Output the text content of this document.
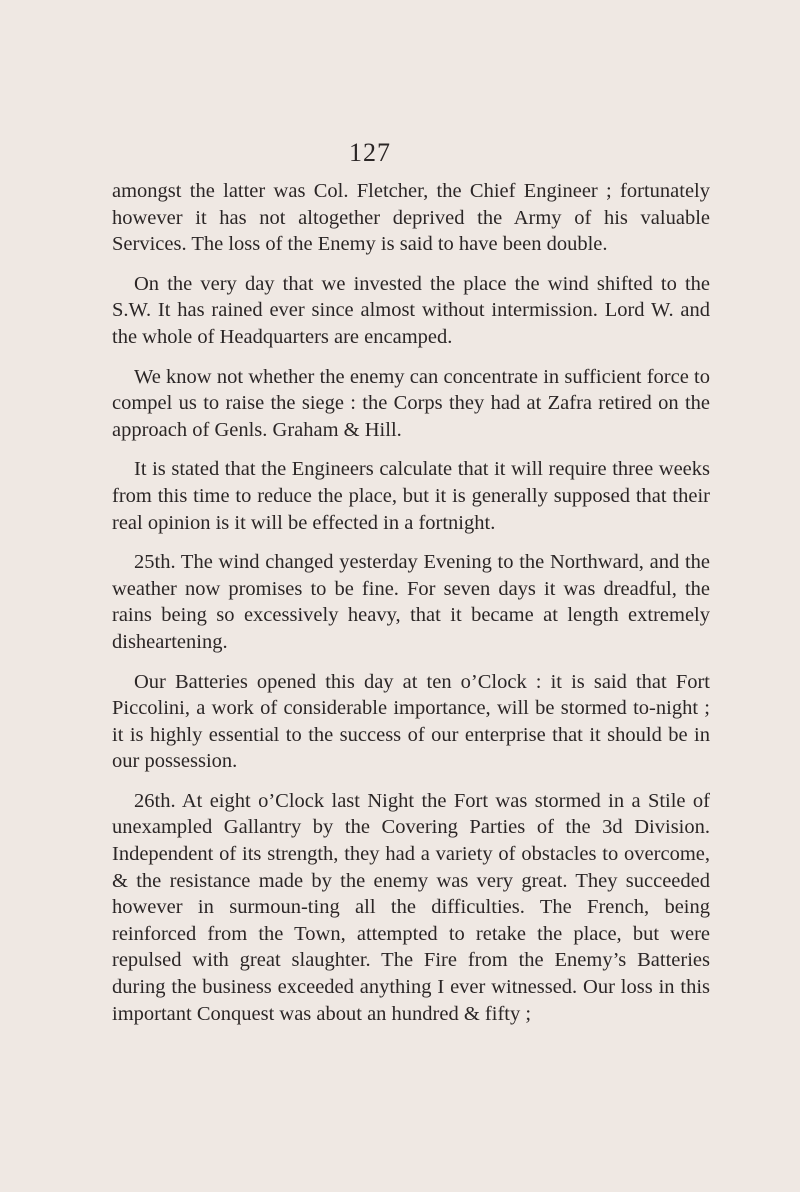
127

amongst the latter was Col. Fletcher, the Chief Engineer ; fortunately however it has not altogether deprived the Army of his valuable Services. The loss of the Enemy is said to have been double.

On the very day that we invested the place the wind shifted to the S.W. It has rained ever since almost without intermission. Lord W. and the whole of Headquarters are encamped.

We know not whether the enemy can concentrate in sufficient force to compel us to raise the siege : the Corps they had at Zafra retired on the approach of Genls. Graham & Hill.

It is stated that the Engineers calculate that it will require three weeks from this time to reduce the place, but it is generally supposed that their real opinion is it will be effected in a fortnight.

25th. The wind changed yesterday Evening to the Northward, and the weather now promises to be fine. For seven days it was dreadful, the rains being so excessively heavy, that it became at length extremely disheartening.

Our Batteries opened this day at ten o’Clock : it is said that Fort Piccolini, a work of considerable importance, will be stormed to-night ; it is highly essential to the success of our enterprise that it should be in our possession.

26th. At eight o’Clock last Night the Fort was stormed in a Stile of unexampled Gallantry by the Covering Parties of the 3d Division. Independent of its strength, they had a variety of obstacles to overcome, & the resistance made by the enemy was very great. They succeeded however in surmoun-ting all the difficulties. The French, being reinforced from the Town, attempted to retake the place, but were repulsed with great slaughter. The Fire from the Enemy’s Batteries during the business exceeded anything I ever witnessed. Our loss in this important Conquest was about an hundred & fifty ;
